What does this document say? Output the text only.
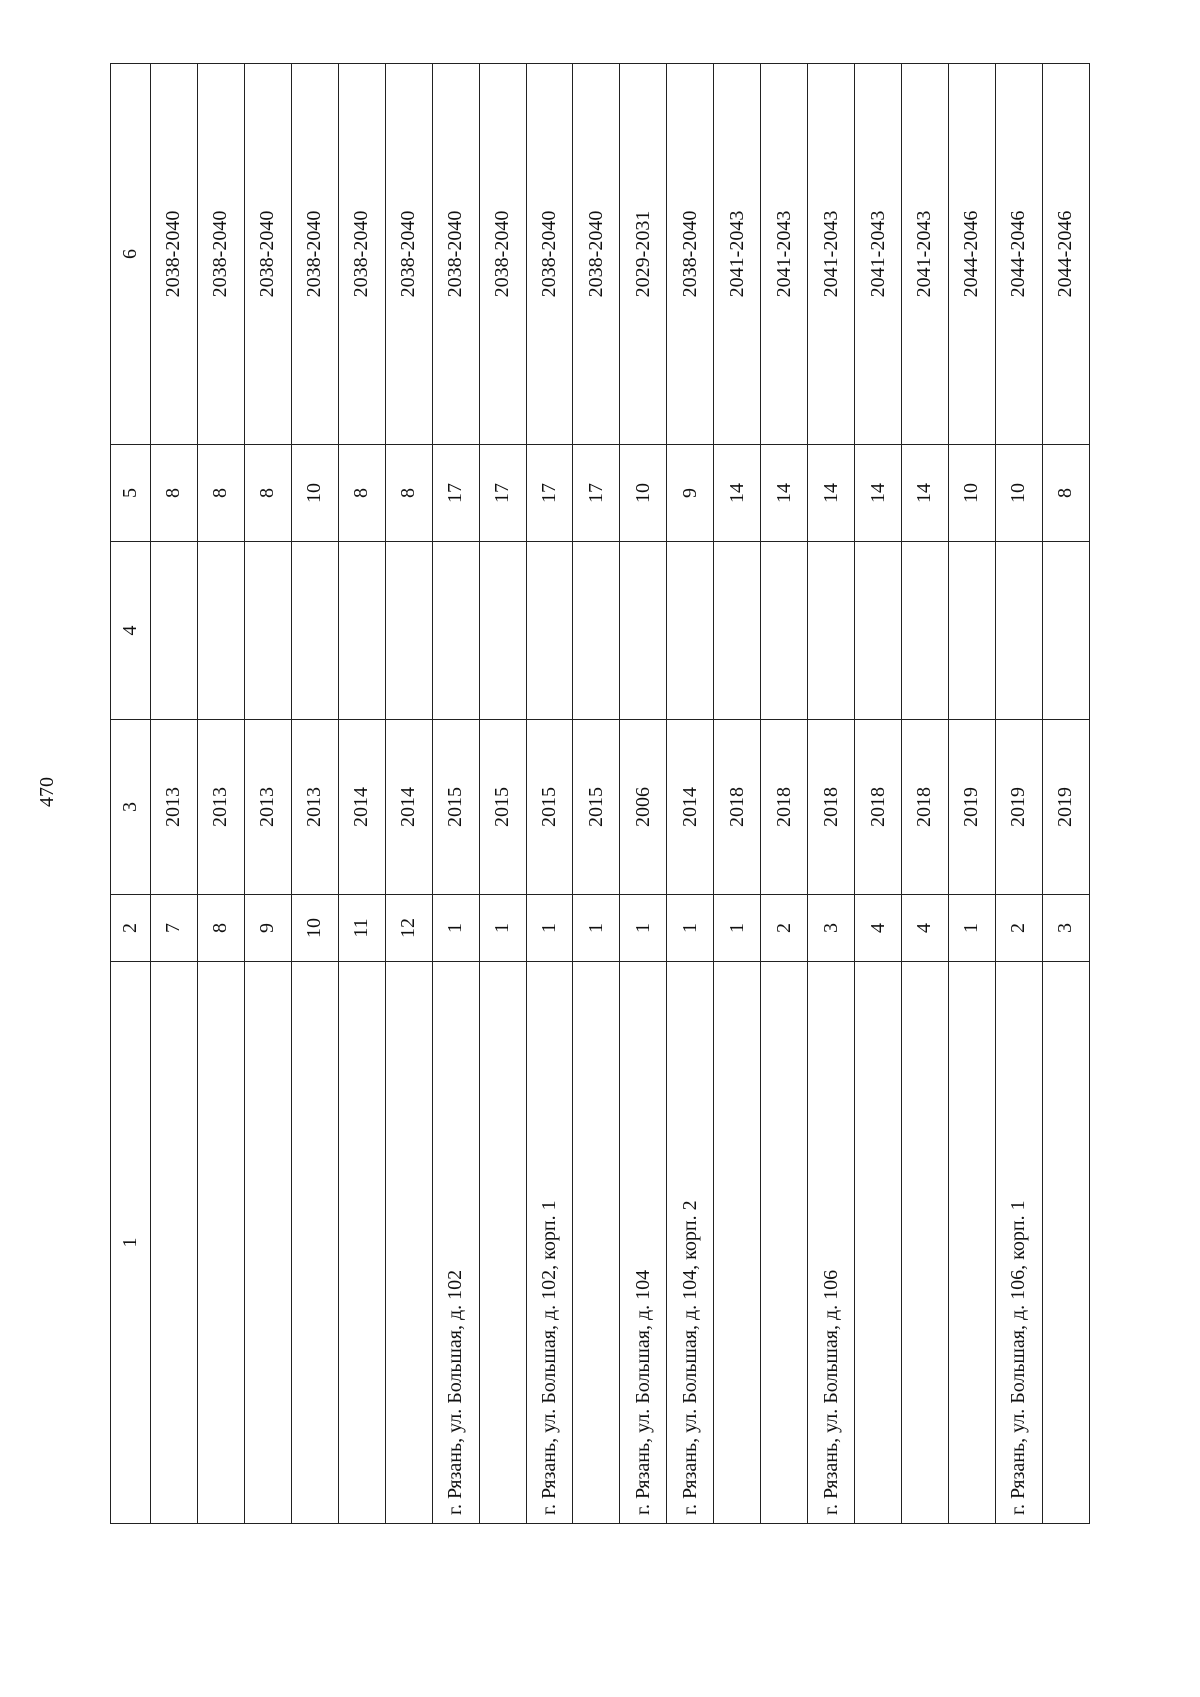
470
1	2	3	4	5	6
	7	2013		8	2038-2040
	8	2013		8	2038-2040
	9	2013		8	2038-2040
	10	2013		10	2038-2040
	11	2014		8	2038-2040
	12	2014		8	2038-2040
г. Рязань, ул. Большая, д. 102	1	2015		17	2038-2040
	1	2015		17	2038-2040
г. Рязань, ул. Большая, д. 102, корп. 1	1	2015		17	2038-2040
	1	2015		17	2038-2040
г. Рязань, ул. Большая, д. 104	1	2006		10	2029-2031
г. Рязань, ул. Большая, д. 104, корп. 2	1	2014		9	2038-2040
	1	2018		14	2041-2043
	2	2018		14	2041-2043
г. Рязань, ул. Большая, д. 106	3	2018		14	2041-2043
	4	2018		14	2041-2043
	4	2018		14	2041-2043
	1	2019		10	2044-2046
г. Рязань, ул. Большая, д. 106, корп. 1	2	2019		10	2044-2046
	3	2019		8	2044-2046
